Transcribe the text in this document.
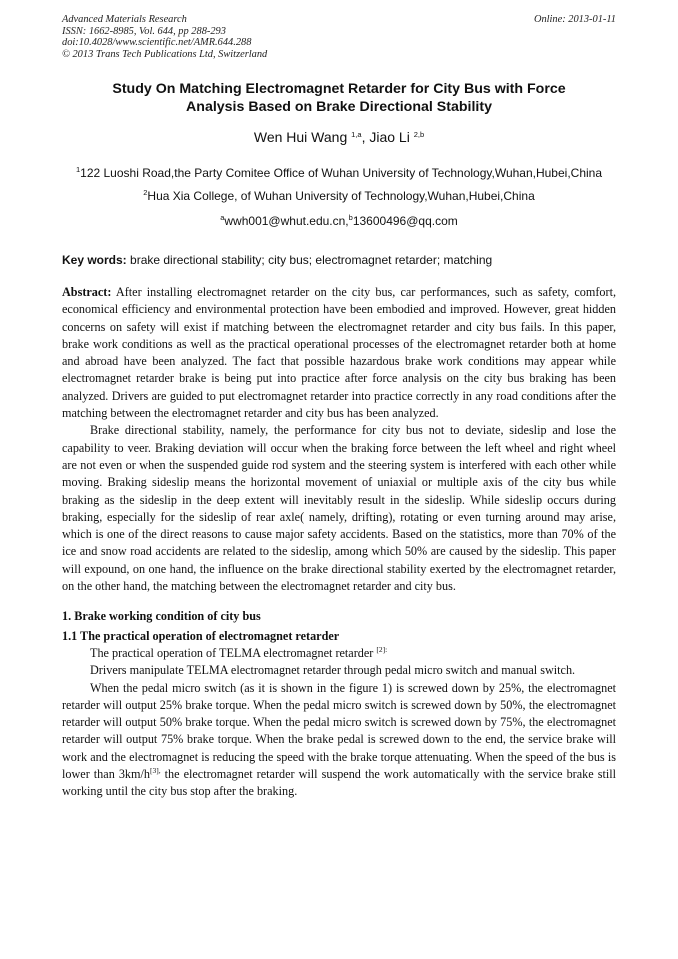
Advanced Materials Research
ISSN: 1662-8985, Vol. 644, pp 288-293
doi:10.4028/www.scientific.net/AMR.644.288
© 2013 Trans Tech Publications Ltd, Switzerland
Online: 2013-01-11
Study On Matching Electromagnet Retarder for City Bus with Force
Analysis Based on Brake Directional Stability
Wen Hui Wang $^{1,a}$, Jiao Li $^{2,b}$
$^1$122 Luoshi Road,the Party Comitee Office of Wuhan University of Technology,Wuhan,Hubei,China
$^2$Hua Xia College, of Wuhan University of Technology,Wuhan,Hubei,China
$^a$wwh001@whut.edu.cn,$^b$13600496@qq.com
Key words: brake directional stability; city bus; electromagnet retarder; matching

Abstract: After installing electromagnet retarder on the city bus, car performances, such as safety, comfort, economical efficiency and environmental protection have been embodied and improved. However, great hidden concerns on safety will exist if matching between the electromagnet retarder and city bus fails. In this paper, brake work conditions as well as the practical operational processes of the electromagnet retarder both at home and abroad have been analyzed. The fact that possible hazardous brake work conditions may appear while electromagnet retarder brake is being put into practice after force analysis on the city bus braking has been analyzed. Drivers are guided to put electromagnet retarder into practice correctly in any road conditions after the matching between the electromagnet retarder and city bus has been analyzed.

Brake directional stability, namely, the performance for city bus not to deviate, sideslip and lose the capability to veer. Braking deviation will occur when the braking force between the left wheel and right wheel are not even or when the suspended guide rod system and the steering system is interfered with each other while moving. Braking sideslip means the horizontal movement of uniaxial or multiple axis of the city bus while braking as the sideslip in the deep extent will inevitably result in the sideslip. While sideslip occurs during braking, especially for the sideslip of rear axle( namely, drifting), rotating or even turning around may arise, which is one of the direct reasons to cause major safety accidents. Based on the statistics, more than 70% of the ice and snow road accidents are related to the sideslip, among which 50% are caused by the sideslip. This paper will expound, on one hand, the influence on the brake directional stability exerted by the electromagnet retarder, on the other hand, the matching between the electromagnet retarder and city bus.

1. Brake working condition of city bus
1.1 The practical operation of electromagnet retarder

The practical operation of TELMA electromagnet retarder $^{[2]:}$

Drivers manipulate TELMA electromagnet retarder through pedal micro switch and manual switch.

When the pedal micro switch (as it is shown in the figure 1) is screwed down by 25%, the electromagnet retarder will output 25% brake torque. When the pedal micro switch is screwed down by 50%, the electromagnet retarder will output 50% brake torque. When the pedal micro switch is screwed down by 75%, the electromagnet retarder will output 75% brake torque. When the brake pedal is screwed down to the end, the service brake will work and the electromagnet is reducing the speed with the brake torque attenuating. When the speed of the bus is lower than $3km/h^{[3],}$ the electromagnet retarder will suspend the work automatically with the service brake still working until the city bus stop after the braking.
